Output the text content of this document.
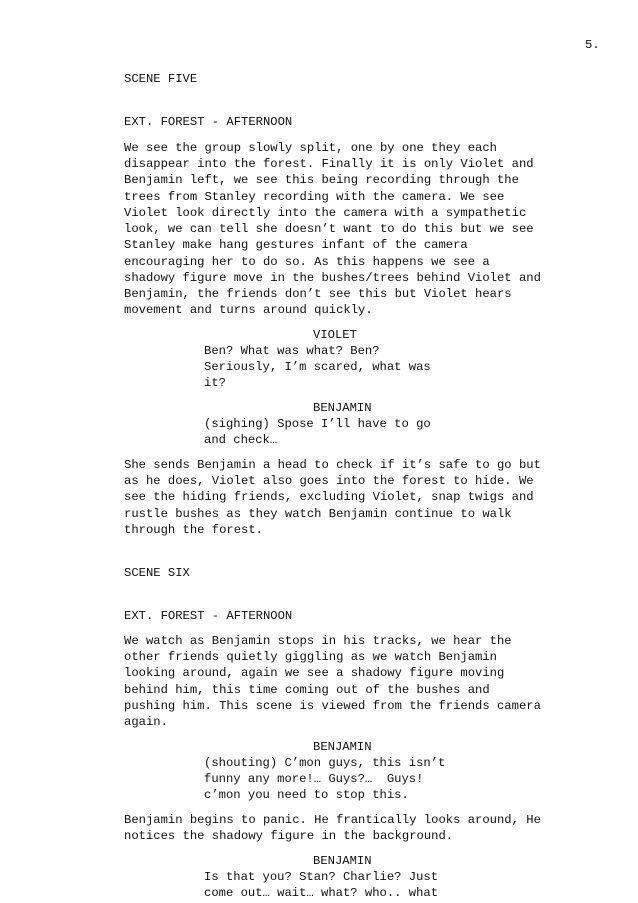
5.
SCENE FIVE
EXT. FOREST - AFTERNOON
We see the group slowly split, one by one they each
disappear into the forest. Finally it is only Violet and
Benjamin left, we see this being recording through the
trees from Stanley recording with the camera. We see
Violet look directly into the camera with a sympathetic
look, we can tell she doesn’t want to do this but we see
Stanley make hang gestures infant of the camera
encouraging her to do so. As this happens we see a
shadowy figure move in the bushes/trees behind Violet and
Benjamin, the friends don’t see this but Violet hears
movement and turns around quickly.
VIOLET
Ben? What was what? Ben?
Seriously, I’m scared, what was
it?
BENJAMIN
(sighing) Spose I’ll have to go
and check…
She sends Benjamin a head to check if it’s safe to go but
as he does, Violet also goes into the forest to hide. We
see the hiding friends, excluding Violet, snap twigs and
rustle bushes as they watch Benjamin continue to walk
through the forest.
SCENE SIX
EXT. FOREST - AFTERNOON
We watch as Benjamin stops in his tracks, we hear the
other friends quietly giggling as we watch Benjamin
looking around, again we see a shadowy figure moving
behind him, this time coming out of the bushes and
pushing him. This scene is viewed from the friends camera
again.
BENJAMIN
(shouting) C’mon guys, this isn’t
funny any more!… Guys?…  Guys!
c’mon you need to stop this.
Benjamin begins to panic. He frantically looks around, He
notices the shadowy figure in the background.
BENJAMIN
Is that you? Stan? Charlie? Just
come out… wait… what? who.. what
